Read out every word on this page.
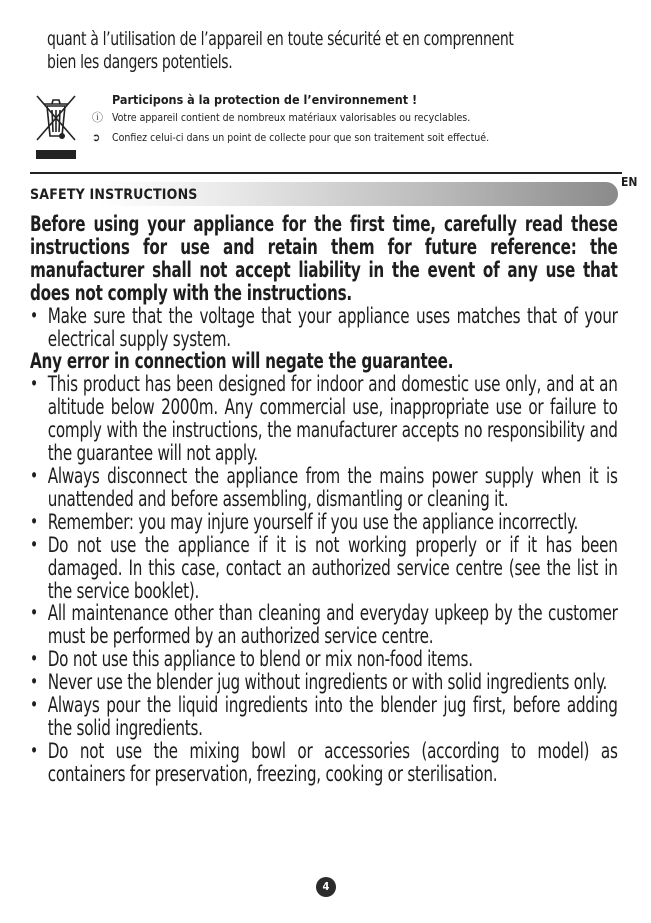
quant à l’utilisation de l’appareil en toute sécurité et en comprennent
bien les dangers potentiels.
Participons à la protection de l’environnement !
ⓘ Votre appareil contient de nombreux matériaux valorisables ou recyclables.
➲ Confiez celui-ci dans un point de collecte pour que son traitement soit effectué.
EN
SAFETY INSTRUCTIONS

Before using your appliance for the first time, carefully read these instructions for use and retain them for future reference: the manufacturer shall not accept liability in the event of any use that does not comply with the instructions.

• Make sure that the voltage that your appliance uses matches that of your electrical supply system.

Any error in connection will negate the guarantee.

• This product has been designed for indoor and domestic use only, and at an altitude below 2000m. Any commercial use, inappropriate use or failure to comply with the instructions, the manufacturer accepts no responsibility and the guarantee will not apply.
• Always disconnect the appliance from the mains power supply when it is unattended and before assembling, dismantling or cleaning it.
• Remember: you may injure yourself if you use the appliance incorrectly.
• Do not use the appliance if it is not working properly or if it has been damaged. In this case, contact an authorized service centre (see the list in the service booklet).
• All maintenance other than cleaning and everyday upkeep by the customer must be performed by an authorized service centre.
• Do not use this appliance to blend or mix non-food items.
• Never use the blender jug without ingredients or with solid ingredients only.
• Always pour the liquid ingredients into the blender jug first, before adding the solid ingredients.
• Do not use the mixing bowl or accessories (according to model) as containers for preservation, freezing, cooking or sterilisation.
4
